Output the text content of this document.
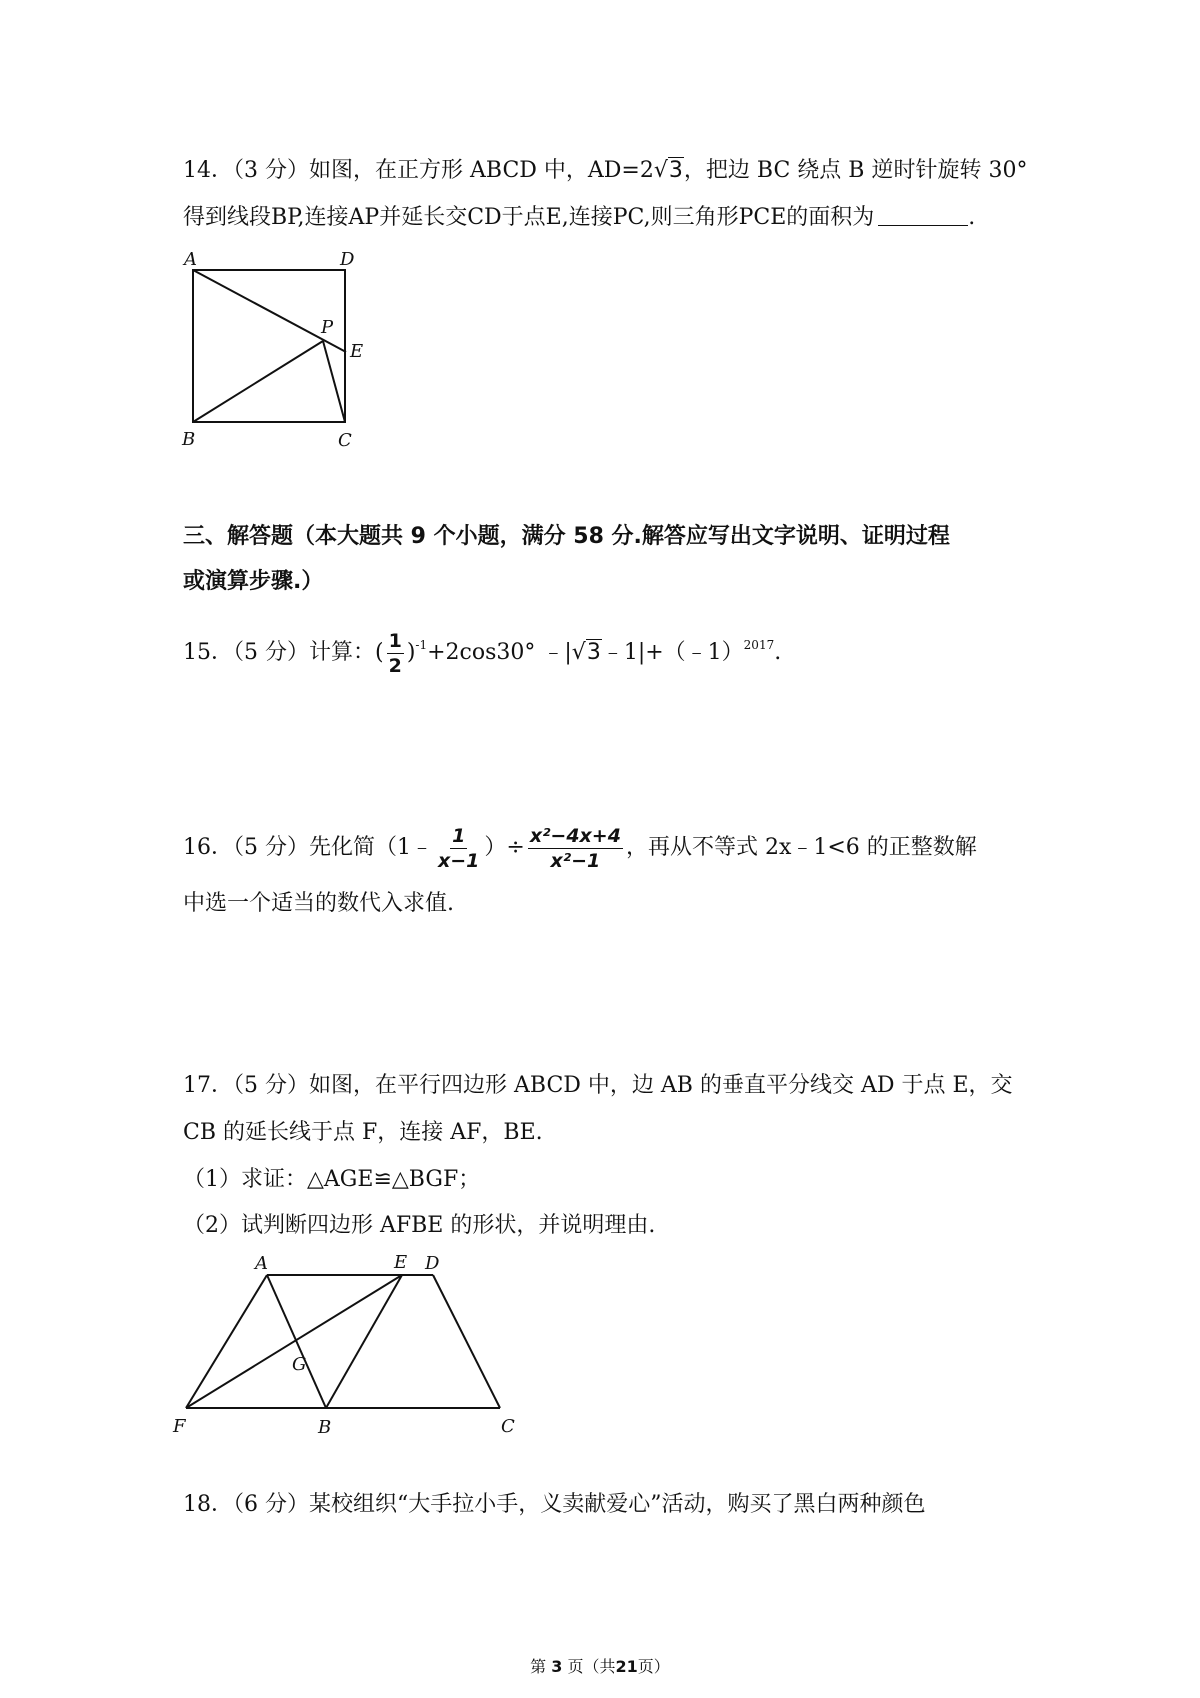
14．（3 分）如图，在正方形 ABCD 中，AD=2√3，把边 BC 绕点 B 逆时针旋转 30°
得到线段BP,连接AP并延长交CD于点E,连接PC,则三角形PCE的面积为	.
A	D
P
E
B	C
三、解答题（本大题共 9 个小题，满分 58 分.解答应写出文字说明、证明过程
或演算步骤.）
15．（5 分）计算：( $\frac{1}{2} )^{-1}+2\cos 30^\circ$ ﹣|√3﹣1|+（﹣1）$^{2017}$.
16．（5 分）先化简（1﹣ $\frac{1}{x-1}$ ）÷ $\frac{\text{x²−4x+4}}{\text{x²−1}}$ ，再从不等式 2x﹣1<6 的正整数解
中选一个适当的数代入求值.
17．（5 分）如图，在平行四边形 ABCD 中，边 AB 的垂直平分线交 AD 于点 E，交
CB 的延长线于点 F，连接 AF，BE.
（1）求证：△AGE≌△BGF；
（2）试判断四边形 AFBE 的形状，并说明理由.
A	E D
G
F	B	C
18．（6 分）某校组织“大手拉小手，义卖献爱心”活动，购买了黑白两种颜色
第 3 页（共21页）
